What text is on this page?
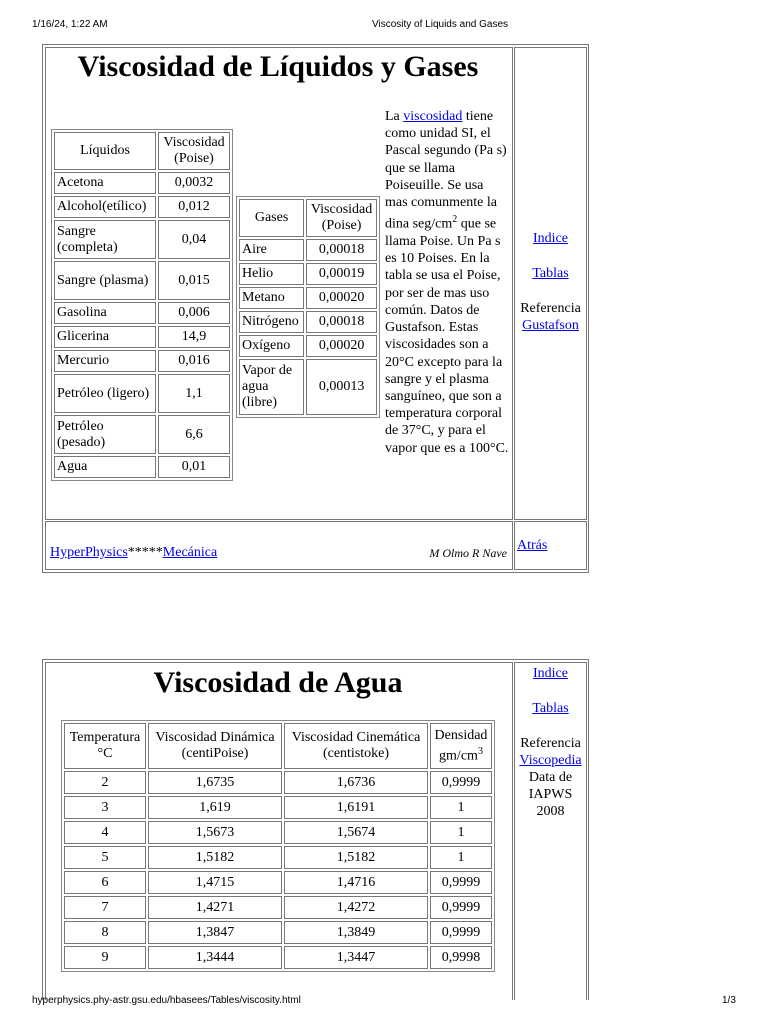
1/16/24, 1:22 AM	Viscosity of Liquids and Gases
Viscosidad de Líquidos y Gases
Líquidos	Viscosidad (Poise)
Acetona	0,0032
Alcohol(etílico)	0,012
Sangre (completa)	0,04
Sangre (plasma)	0,015
Gasolina	0,006
Glicerina	14,9
Mercurio	0,016
Petróleo (ligero)	1,1
Petróleo (pesado)	6,6
Agua	0,01
Gases	Viscosidad (Poise)
Aire	0,00018
Helio	0,00019
Metano	0,00020
Nitrógeno	0,00018
Oxígeno	0,00020
Vapor de agua (libre)	0,00013
La viscosidad tiene como unidad SI, el Pascal segundo (Pa s) que se llama Poiseuille. Se usa mas comunmente la dina seg/$cm^2$ que se llama Poise. Un Pa s es 10 Poises. En la tabla se usa el Poise, por ser de mas uso común. Datos de Gustafson. Estas viscosidades son a 20°C excepto para la sangre y el plasma sanguíneo, que son a temperatura corporal de 37°C, y para el vapor que es a 100°C.

Indice

Tablas

Referencia
Gustafson
HyperPhysics*****Mecánica	M Olmo R Nave Atrás
Viscosidad de Agua
Temperatura °C	Viscosidad Dinámica (centiPoise)	Viscosidad Cinemática (centistoke)	Densidad $gm/cm^3$
2	1,6735	1,6736	0,9999
3	1,619	1,6191	1
4	1,5673	1,5674	1
5	1,5182	1,5182	1
6	1,4715	1,4716	0,9999
7	1,4271	1,4272	0,9999
8	1,3847	1,3849	0,9999
9	1,3444	1,3447	0,9998

Indice

Tablas

Referencia
Viscopedia
Data de IAPWS 2008
hyperphysics.phy-astr.gsu.edu/hbasees/Tables/viscosity.html	1/3
